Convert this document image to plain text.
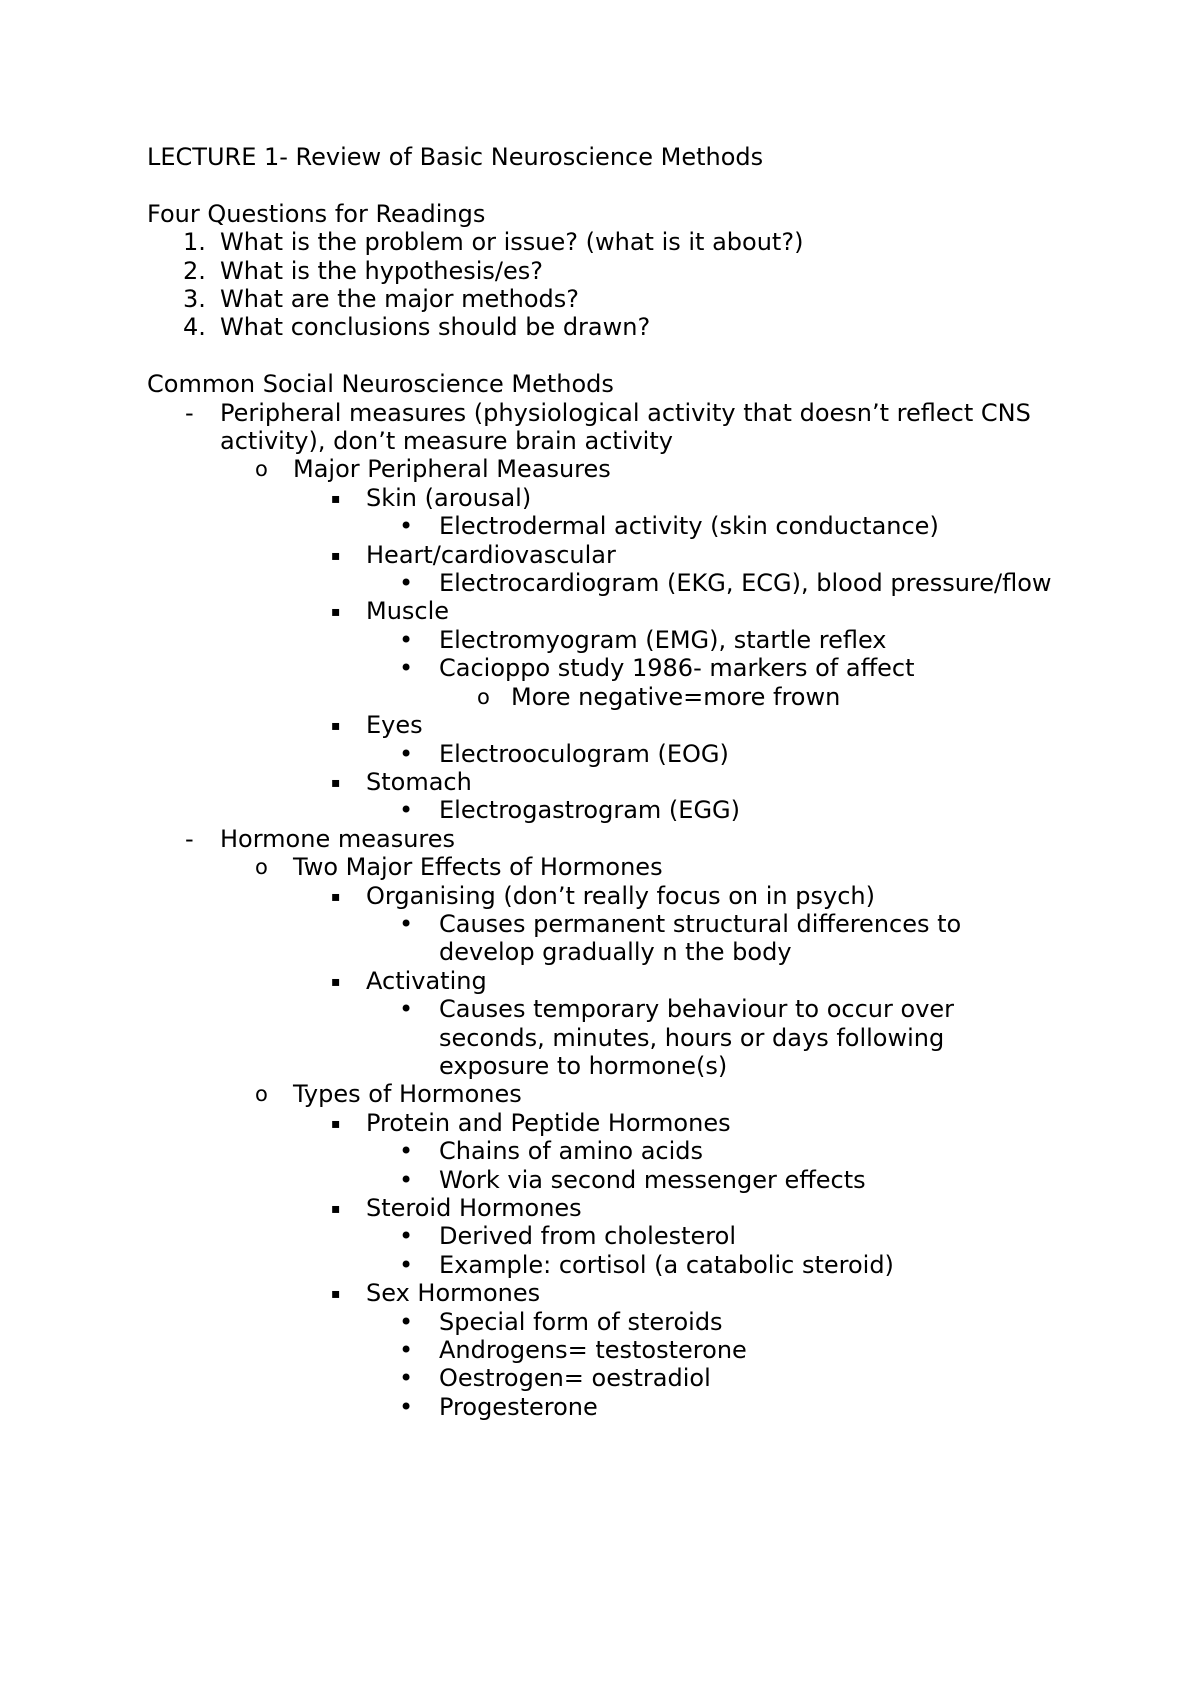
LECTURE 1- Review of Basic Neuroscience Methods
Four Questions for Readings
1. What is the problem or issue? (what is it about?)
2. What is the hypothesis/es?
3. What are the major methods?
4. What conclusions should be drawn?
Common Social Neuroscience Methods
- Peripheral measures (physiological activity that doesn’t reflect CNS activity), don’t measure brain activity
o Major Peripheral Measures
▪ Skin (arousal)
• Electrodermal activity (skin conductance)
▪ Heart/cardiovascular
• Electrocardiogram (EKG, ECG), blood pressure/flow
▪ Muscle
• Electromyogram (EMG), startle reflex
• Cacioppo study 1986- markers of affect
o More negative=more frown
▪ Eyes
• Electrooculogram (EOG)
▪ Stomach
• Electrogastrogram (EGG)
- Hormone measures
o Two Major Effects of Hormones
▪ Organising (don’t really focus on in psych)
• Causes permanent structural differences to develop gradually n the body
▪ Activating
• Causes temporary behaviour to occur over seconds, minutes, hours or days following exposure to hormone(s)
o Types of Hormones
▪ Protein and Peptide Hormones
• Chains of amino acids
• Work via second messenger effects
▪ Steroid Hormones
• Derived from cholesterol
• Example: cortisol (a catabolic steroid)
▪ Sex Hormones
• Special form of steroids
• Androgens= testosterone
• Oestrogen= oestradiol
• Progesterone
